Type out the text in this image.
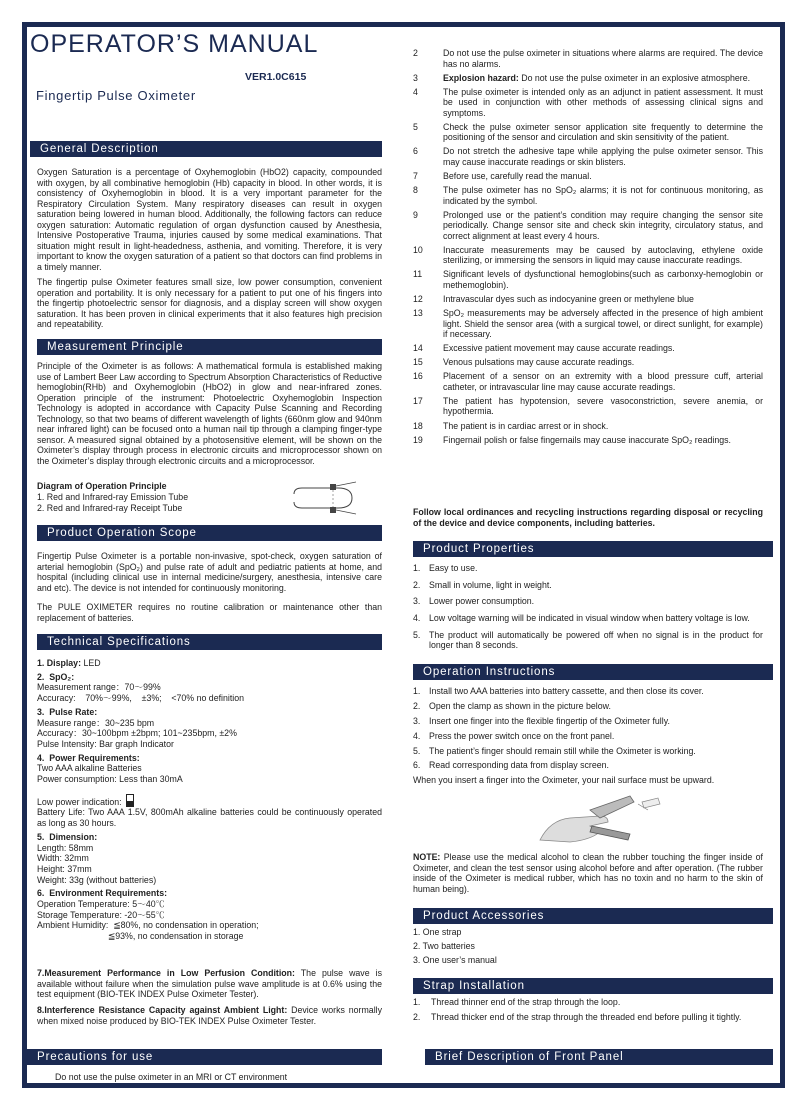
OPERATOR’S MANUAL
VER1.0C615
Fingertip Pulse Oximeter
General Description
Oxygen Saturation is a percentage of Oxyhemoglobin (HbO2) capacity, compounded with oxygen, by all combinative hemoglobin (Hb) capacity in blood. In other words, it is consistency of Oxyhemoglobin in blood. It is a very important parameter for the Respiratory Circulation System. Many respiratory diseases can result in oxygen saturation being lowered in human blood. Additionally, the following factors can reduce oxygen saturation: Automatic regulation of organ dysfunction caused by Anesthesia, Intensive Postoperative Trauma, injuries caused by some medical examinations. That situation might result in light-headedness, asthenia, and vomiting. Therefore, it is very important to know the oxygen saturation of a patient so that doctors can find problems in a timely manner.
The fingertip pulse Oximeter features small size, low power consumption, convenient operation and portability. It is only necessary for a patient to put one of his fingers into the fingertip photoelectric sensor for diagnosis, and a display screen will show oxygen saturation. It has been proven in clinical experiments that it also features high precision and repeatability.
Measurement Principle
Principle of the Oximeter is as follows: A mathematical formula is established making use of Lambert Beer Law according to Spectrum Absorption Characteristics of Reductive hemoglobin(RHb) and Oxyhemoglobin (HbO2) in glow and near-infrared zones. Operation principle of the instrument: Photoelectric Oxyhemoglobin Inspection Technology is adopted in accordance with Capacity Pulse Scanning and Recording Technology, so that two beams of different wavelength of lights (660nm glow and 940nm near infrared light) can be focused onto a human nail tip through a clamping finger-type sensor. A measured signal obtained by a photosensitive element, will be shown on the Oximeter’s display through process in electronic circuits and microprocessor shown on the Oximeter’s display through electronic circuits and a microprocessor.
Diagram of Operation Principle
1. Red and Infrared-ray Emission Tube
2. Red and Infrared-ray Receipt Tube
Product Operation Scope
Fingertip Pulse Oximeter is a portable non-invasive, spot-check, oxygen saturation of arterial hemoglobin (SpO₂) and pulse rate of adult and pediatric patients at home, and hospital (including clinical use in internal medicine/surgery, anesthesia, intensive care and etc). The device is not intended for continuously monitoring.
The PULE OXIMETER requires no routine calibration or maintenance other than replacement of batteries.
Technical Specifications
1. Display: LED
2.  SpO₂:
Measurement range：70～99%
Accuracy:    70%～99%,    ±3%;    <70% no definition
3.  Pulse Rate:
Measure range：30~235 bpm
Accuracy：30~100bpm ±2bpm; 101~235bpm, ±2%
Pulse Intensity: Bar graph Indicator
4.  Power Requirements:
Two AAA alkaline Batteries
Power consumption: Less than 30mA
Low power indication:
Battery Life: Two AAA 1.5V, 800mAh alkaline batteries could be continuously operated as long as 30 hours.
5.  Dimension:
Length: 58mm
Width: 32mm
Height: 37mm
Weight: 33g (without batteries)
6.  Environment Requirements:
Operation Temperature: 5～40℃
Storage Temperature: -20～55℃
Ambient Humidity:  ≦80%, no condensation in operation;
≦93%, no condensation in storage
7.Measurement Performance in Low Perfusion Condition: The pulse wave is available without failure when the simulation pulse wave amplitude is at 0.6% using the test equipment (BIO-TEK INDEX Pulse Oximeter Tester).
8.Interference Resistance Capacity against Ambient Light: Device works normally when mixed noise produced by BIO-TEK INDEX Pulse Oximeter Tester.
Precautions for use
Do not use the pulse oximeter in an MRI or CT environment
2	Do not use the pulse oximeter in situations where alarms are required. The device has no alarms.
3	Explosion hazard: Do not use the pulse oximeter in an explosive atmosphere.
4	The pulse oximeter is intended only as an adjunct in patient assessment. It must be used in conjunction with other methods of assessing clinical signs and symptoms.
5	Check the pulse oximeter sensor application site frequently to determine the positioning of the sensor and circulation and skin sensitivity of the patient.
6	Do not stretch the adhesive tape while applying the pulse oximeter sensor. This may cause inaccurate readings or skin blisters.
7	Before use, carefully read the manual.
8	The pulse oximeter has no SpO₂ alarms; it is not for continuous monitoring, as indicated by the symbol.
9	Prolonged use or the patient’s condition may require changing the sensor site periodically. Change sensor site and check skin integrity, circulatory status, and correct alignment at least every 4 hours.
10	Inaccurate measurements may be caused by autoclaving, ethylene oxide sterilizing, or immersing the sensors in liquid may cause inaccurate readings.
11	Significant levels of dysfunctional hemoglobins(such as carbonxy-hemoglobin or methemoglobin).
12	Intravascular dyes such as indocyanine green or methylene blue
13	SpO₂ measurements may be adversely affected in the presence of high ambient light. Shield the sensor area (with a surgical towel, or direct sunlight, for example) if necessary.
14	Excessive patient movement may cause accurate readings.
15	Venous pulsations may cause accurate readings.
16	Placement of a sensor on an extremity with a blood pressure cuff, arterial catheter, or intravascular line may cause accurate readings.
17	The patient has hypotension, severe vasoconstriction, severe anemia, or hypothermia.
18	The patient is in cardiac arrest or in shock.
19	Fingernail polish or false fingernails may cause inaccurate SpO₂ readings.
Follow local ordinances and recycling instructions regarding disposal or recycling of the device and device components, including batteries.
Product Properties
1. Easy to use.
2. Small in volume, light in weight.
3. Lower power consumption.
4. Low voltage warning will be indicated in visual window when battery voltage is low.
5. The product will automatically be powered off when no signal is in the product for longer than 8 seconds.
Operation Instructions
1. Install two AAA batteries into battery cassette, and then close its cover.
2. Open the clamp as shown in the picture below.
3. Insert one finger into the flexible fingertip of the Oximeter fully.
4. Press the power switch once on the front panel.
5. The patient’s finger should remain still while the Oximeter is working.
6. Read corresponding data from display screen.
When you insert a finger into the Oximeter, your nail surface must be upward.
NOTE: Please use the medical alcohol to clean the rubber touching the finger inside of Oximeter, and clean the test sensor using alcohol before and after operation. (The rubber inside of the Oximeter is medical rubber, which has no toxin and no harm to the skin of human being).
Product Accessories
1. One strap
2. Two batteries
3. One user’s manual
Strap Installation
1.	Thread thinner end of the strap through the loop.
2.	Thread thicker end of the strap through the threaded end before pulling it tightly.
Brief Description of Front Panel
